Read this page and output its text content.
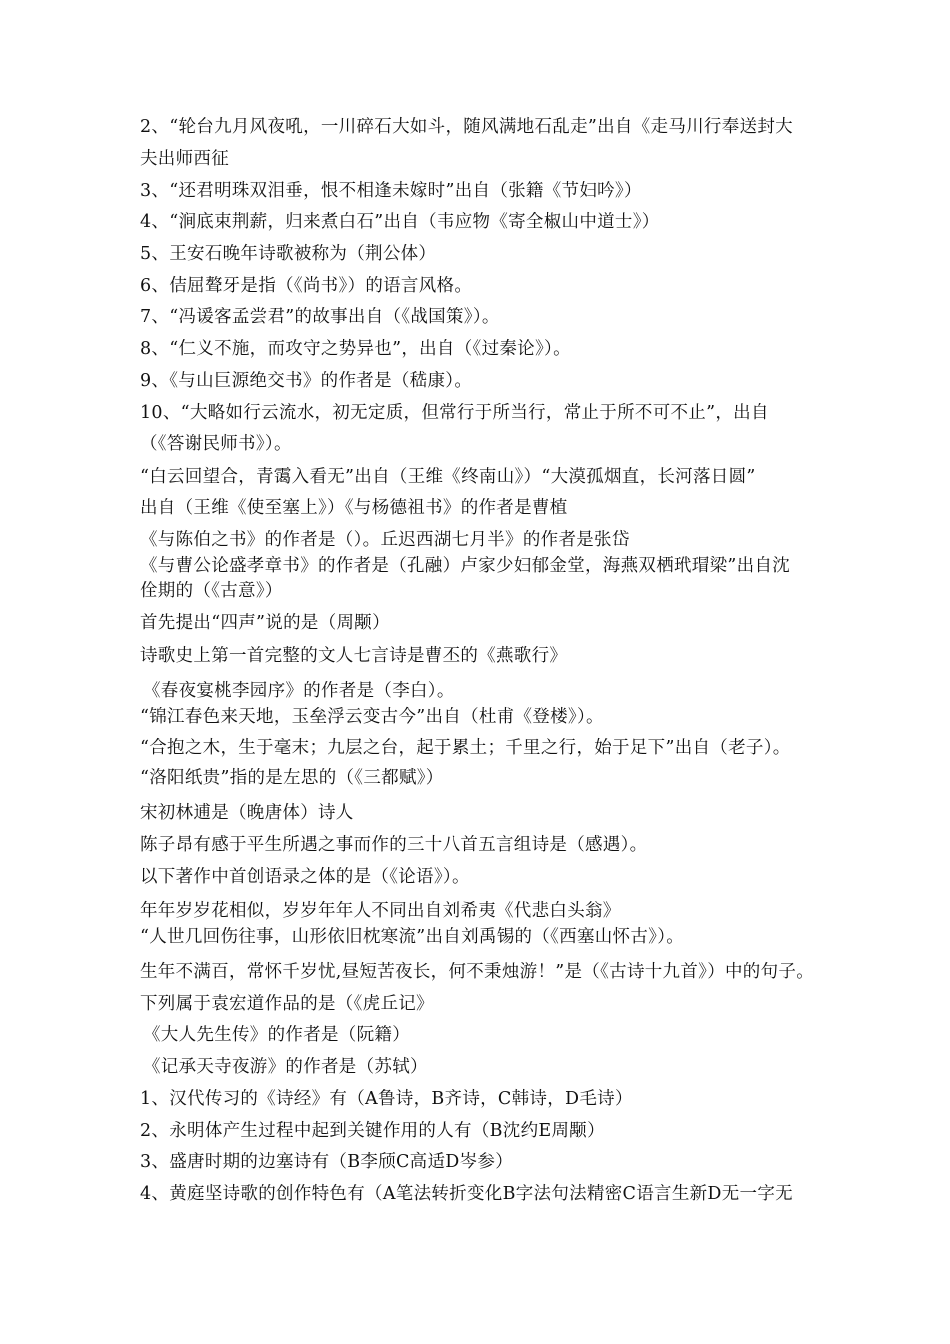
2、“轮台九月风夜吼，一川碎石大如斗，随风满地石乱走”出自《走马川行奉送封大
夫出师西征
3、“还君明珠双泪垂，恨不相逢未嫁时”出自（张籍《节妇吟》）
4、“涧底束荆薪，归来煮白石”出自（韦应物《寄全椒山中道士》）
5、王安石晚年诗歌被称为（荆公体）
6、佶屈聱牙是指（《尚书》）的语言风格。
7、“冯谖客孟尝君”的故事出自（《战国策》）。
8、“仁义不施，而攻守之势异也”，出自（《过秦论》）。
9、《与山巨源绝交书》的作者是（嵇康）。
10、“大略如行云流水，初无定质，但常行于所当行，常止于所不可不止”，出自
（《答谢民师书》）。
“白云回望合，青霭入看无”出自（王维《终南山》）“大漠孤烟直，长河落日圆”
出自（王维《使至塞上》）《与杨德祖书》的作者是曹植
《与陈伯之书》的作者是（）。丘迟西湖七月半》的作者是张岱
《与曹公论盛孝章书》的作者是（孔融）卢家少妇郁金堂，海燕双栖玳瑁梁”出自沈
佺期的（《古意》）
首先提出“四声”说的是（周颙）
诗歌史上第一首完整的文人七言诗是曹丕的《燕歌行》
《春夜宴桃李园序》的作者是（李白）。
“锦江春色来天地，玉垒浮云变古今”出自（杜甫《登楼》）。
“合抱之木，生于毫末；九层之台，起于累土；千里之行，始于足下”出自（老子）。
“洛阳纸贵”指的是左思的（《三都赋》）
宋初林逋是（晚唐体）诗人
陈子昂有感于平生所遇之事而作的三十八首五言组诗是（感遇）。
以下著作中首创语录之体的是（《论语》）。
年年岁岁花相似，岁岁年年人不同出自刘希夷《代悲白头翁》
“人世几回伤往事，山形依旧枕寒流”出自刘禹锡的（《西塞山怀古》）。
生年不满百，常怀千岁忧,昼短苦夜长，何不秉烛游！”是（《古诗十九首》）中的句子。
下列属于袁宏道作品的是（《虎丘记》
《大人先生传》的作者是（阮籍）
《记承天寺夜游》的作者是（苏轼）
1、汉代传习的《诗经》有（A鲁诗，B齐诗，C韩诗，D毛诗）
2、永明体产生过程中起到关键作用的人有（B沈约E周颙）
3、盛唐时期的边塞诗有（B李颀C高适D岑参）
4、黄庭坚诗歌的创作特色有（A笔法转折变化B字法句法精密C语言生新D无一字无
